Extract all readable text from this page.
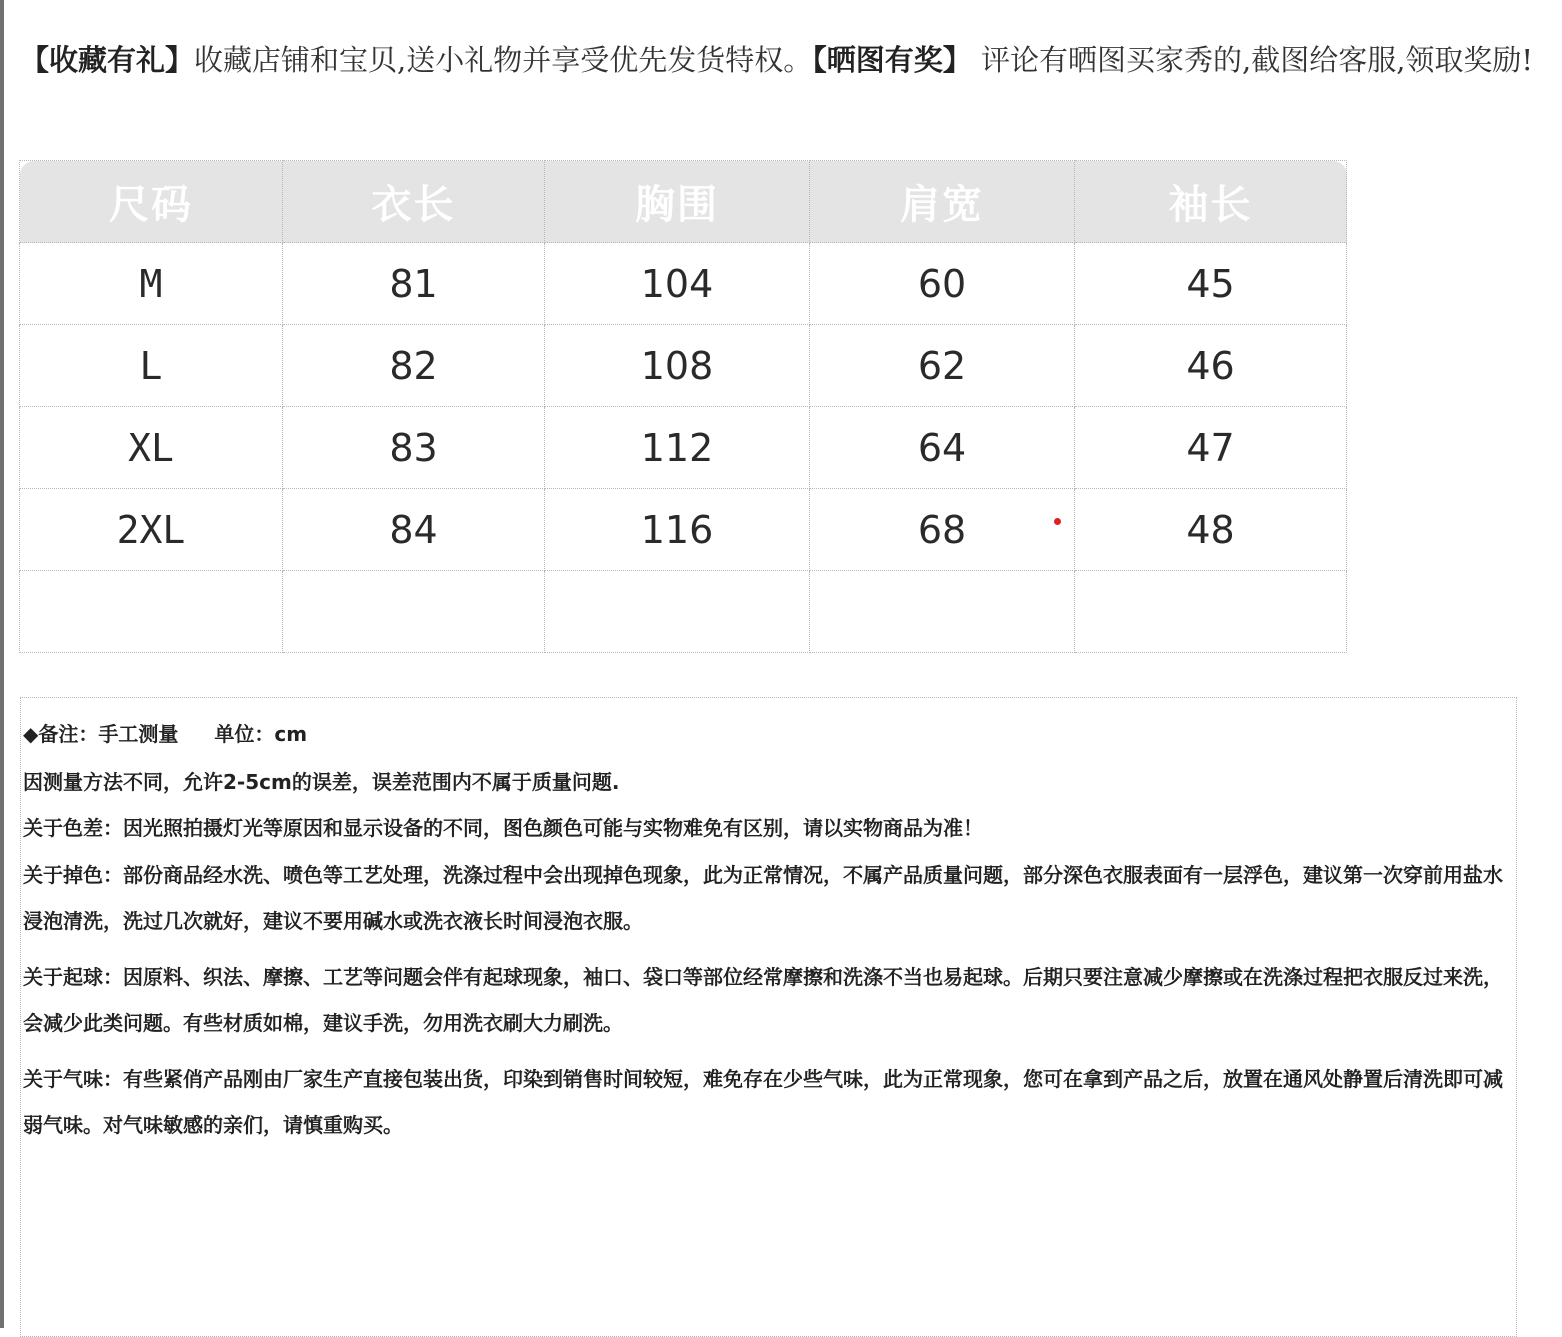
【收藏有礼】收藏店铺和宝贝,送小礼物并享受优先发货特权。【晒图有奖】 评论有晒图买家秀的,截图给客服,领取奖励!
尺码	衣长	胸围	肩宽	袖长
M	81	104	60	45
L	82	108	62	46
XL	83	112	64	47
2XL	84	116	68	48

◆备注：手工测量 单位：cm
因测量方法不同，允许2-5cm的误差，误差范围内不属于质量问题.
关于色差：因光照拍摄灯光等原因和显示设备的不同，图色颜色可能与实物难免有区别，请以实物商品为准！
关于掉色：部份商品经水洗、喷色等工艺处理，洗涤过程中会出现掉色现象，此为正常情况，不属产品质量问题，部分深色衣服表面有一层浮色，建议第一次穿前用盐水浸泡清洗，洗过几次就好，建议不要用碱水或洗衣液长时间浸泡衣服。
关于起球：因原料、织法、摩擦、工艺等问题会伴有起球现象，袖口、袋口等部位经常摩擦和洗涤不当也易起球。后期只要注意减少摩擦或在洗涤过程把衣服反过来洗，会减少此类问题。有些材质如棉，建议手洗，勿用洗衣刷大力刷洗。
关于气味：有些紧俏产品刚由厂家生产直接包装出货，印染到销售时间较短，难免存在少些气味，此为正常现象，您可在拿到产品之后，放置在通风处静置后清洗即可减弱气味。对气味敏感的亲们，请慎重购买。
